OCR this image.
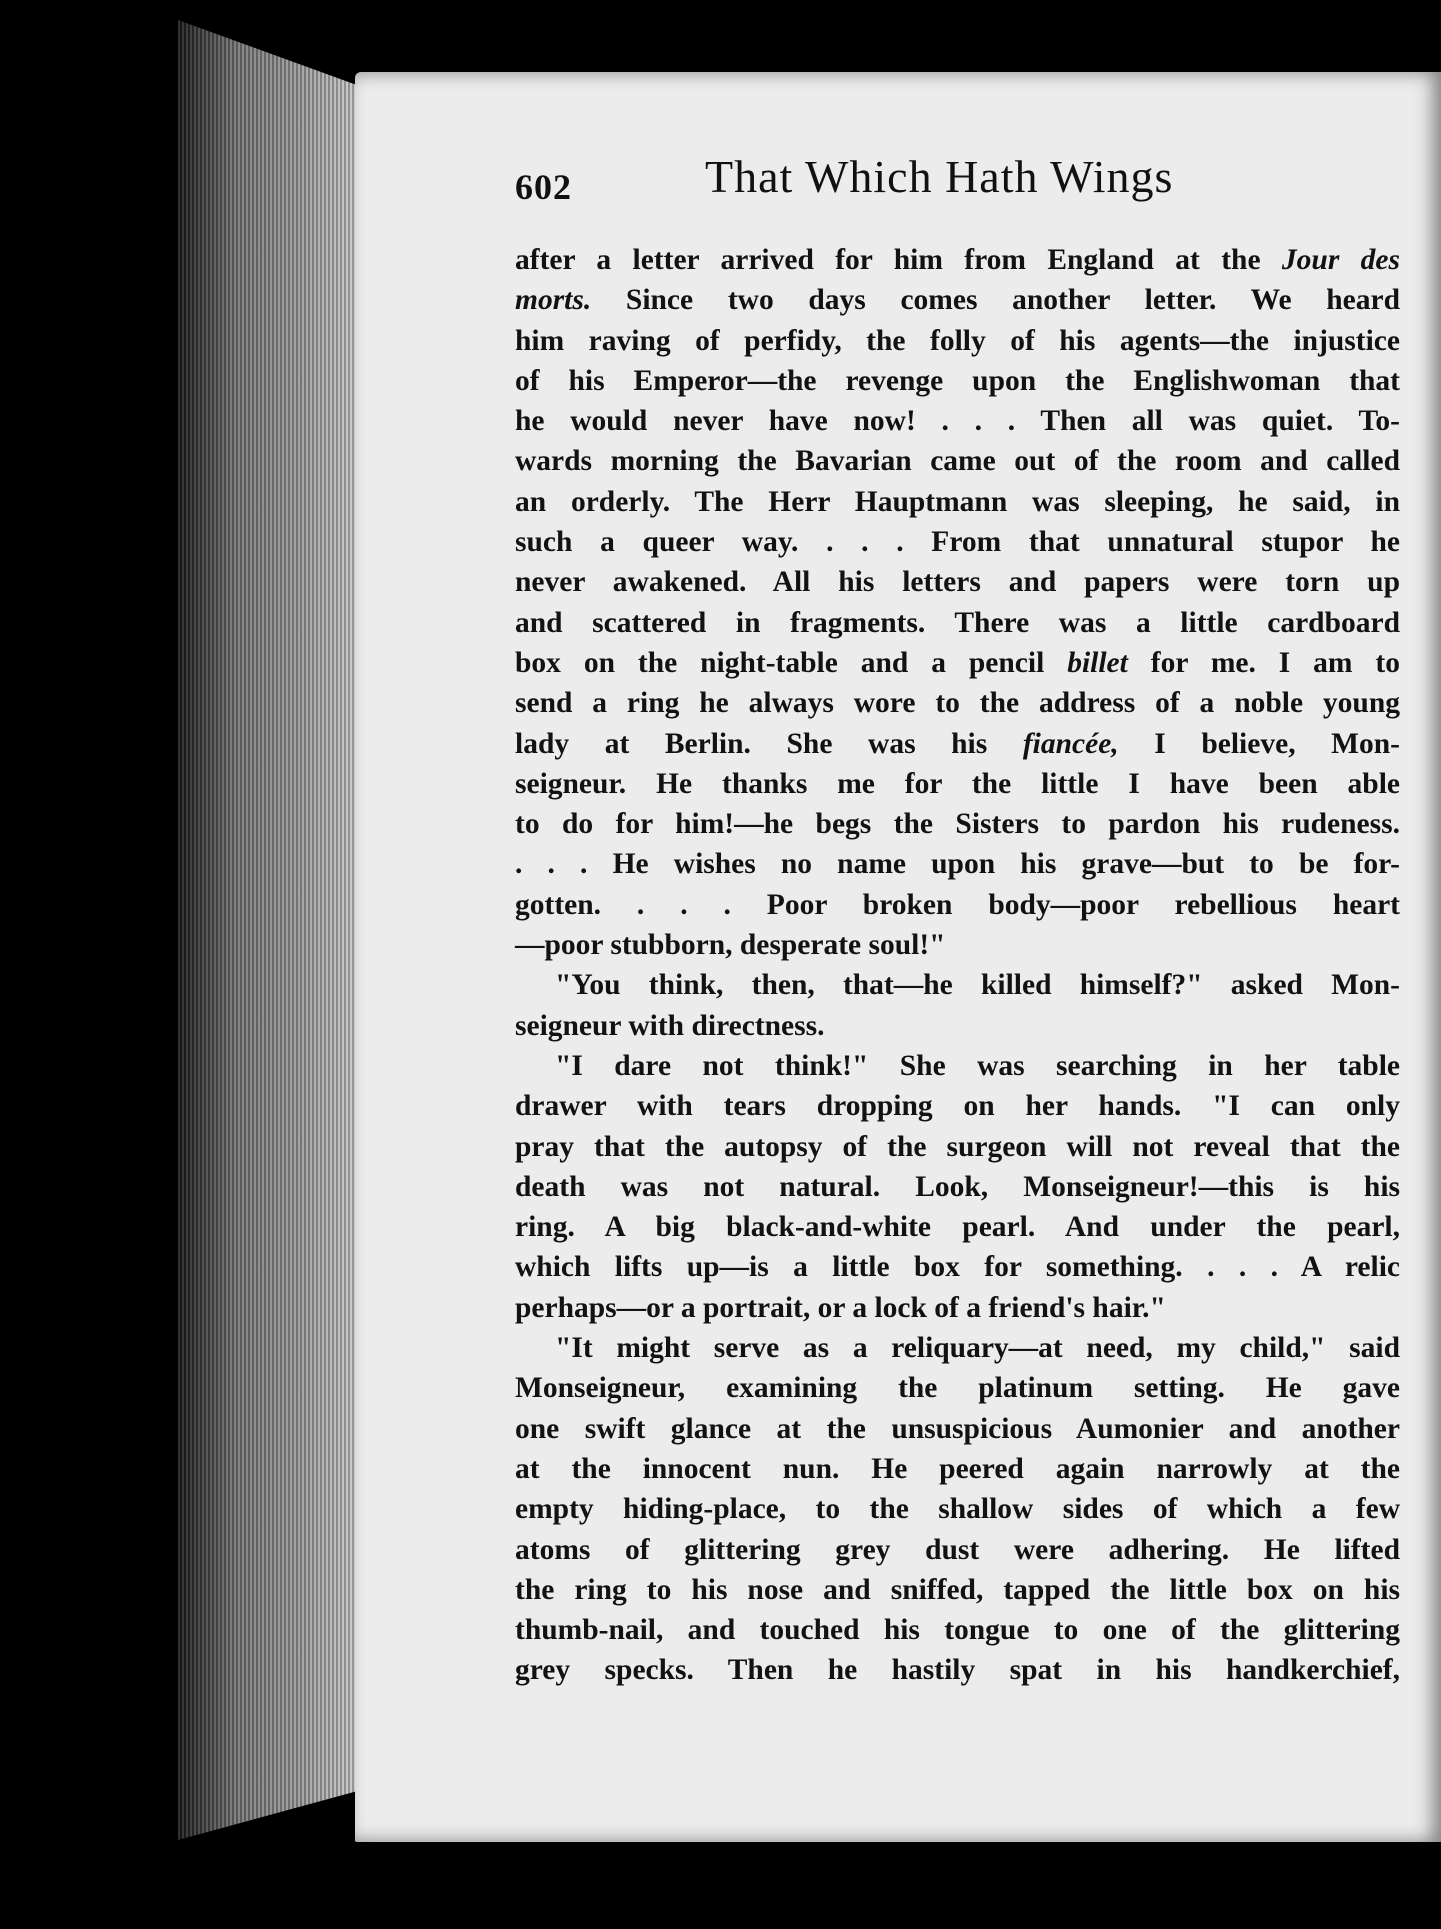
602	That Which Hath Wings
after a letter arrived for him from England at the Jour des
morts. Since two days comes another letter. We heard
him raving of perfidy, the folly of his agents—the injustice
of his Emperor—the revenge upon the Englishwoman that
he would never have now! . . . Then all was quiet. To-
wards morning the Bavarian came out of the room and called
an orderly. The Herr Hauptmann was sleeping, he said, in
such a queer way. . . . From that unnatural stupor he
never awakened. All his letters and papers were torn up
and scattered in fragments. There was a little cardboard
box on the night-table and a pencil billet for me. I am to
send a ring he always wore to the address of a noble young
lady at Berlin. She was his fiancée, I believe, Mon-
seigneur. He thanks me for the little I have been able
to do for him!—he begs the Sisters to pardon his rudeness.
. . . He wishes no name upon his grave—but to be for-
gotten. . . . Poor broken body—poor rebellious heart
—poor stubborn, desperate soul!"
"You think, then, that—he killed himself?" asked Mon-
seigneur with directness.
"I dare not think!" She was searching in her table
drawer with tears dropping on her hands. "I can only
pray that the autopsy of the surgeon will not reveal that the
death was not natural. Look, Monseigneur!—this is his
ring. A big black-and-white pearl. And under the pearl,
which lifts up—is a little box for something. . . . A relic
perhaps—or a portrait, or a lock of a friend's hair."
"It might serve as a reliquary—at need, my child," said
Monseigneur, examining the platinum setting. He gave
one swift glance at the unsuspicious Aumonier and another
at the innocent nun. He peered again narrowly at the
empty hiding-place, to the shallow sides of which a few
atoms of glittering grey dust were adhering. He lifted
the ring to his nose and sniffed, tapped the little box on his
thumb-nail, and touched his tongue to one of the glittering
grey specks. Then he hastily spat in his handkerchief,
